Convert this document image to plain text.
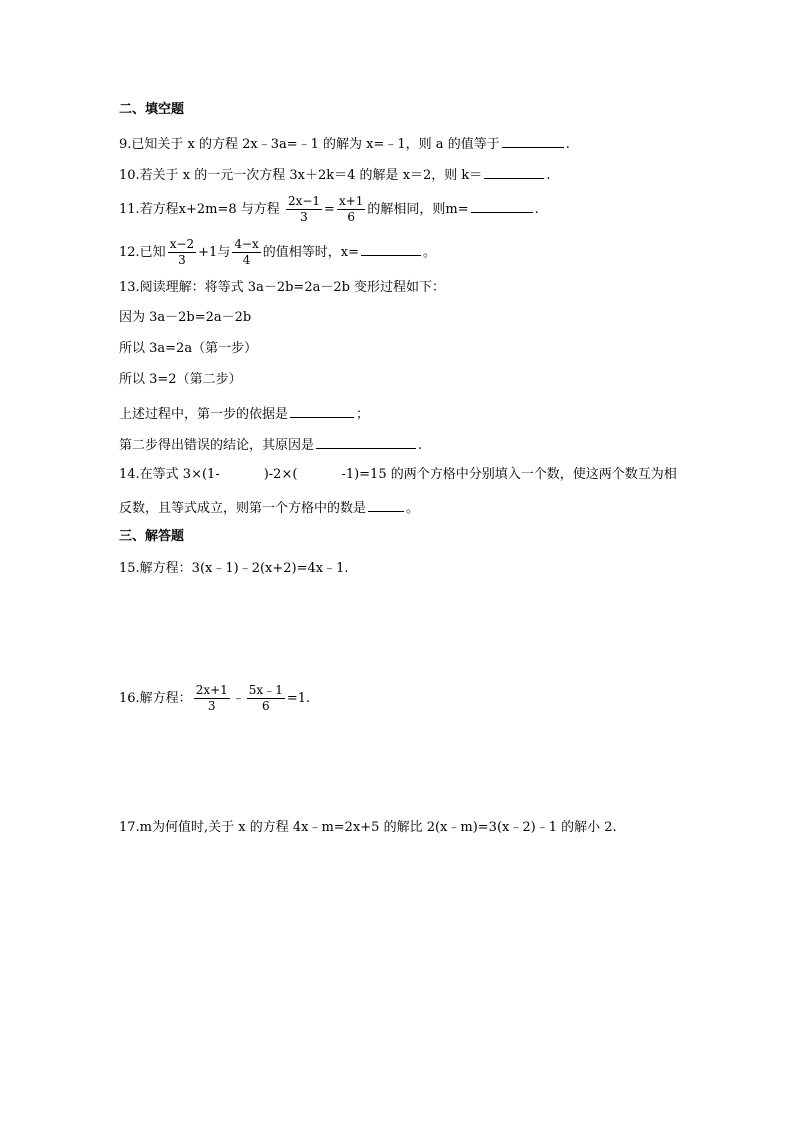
二、填空题
9.已知关于 x 的方程 2x﹣3a=﹣1 的解为 x=﹣1，则 a 的值等于	.
10.若关于 x 的一元一次方程 3x＋2k＝4 的解是 x＝2，则 k＝	.
11.若方程x+2m=8 与方程 $\frac{2x-1}{3} = \frac{x+1}{6}$ 的解相同，则m=	.
12.已知 $\frac{x-2}{3} +1$与 $\frac{4-x}{4}$ 的值相等时，x=	。
13.阅读理解：将等式 3a－2b=2a－2b 变形过程如下：
因为 3a－2b=2a－2b
所以 3a=2a（第一步）
所以 3=2（第二步）
上述过程中，第一步的依据是	；
第二步得出错误的结论，其原因是	.
14.在等式 3×(1-	)-2×(	-1)=15 的两个方格中分别填入一个数，使这两个数互为相
反数，且等式成立，则第一个方格中的数是	。
三、解答题
15.解方程：3(x﹣1)﹣2(x+2)=4x﹣1.
16.解方程： $\frac{2x+1}{3}$ ﹣ $\frac{5x﹣1}{6} =1$.
17.m为何值时,关于 x 的方程 4x﹣m=2x+5 的解比 2(x﹣m)=3(x﹣2)﹣1 的解小 2.
